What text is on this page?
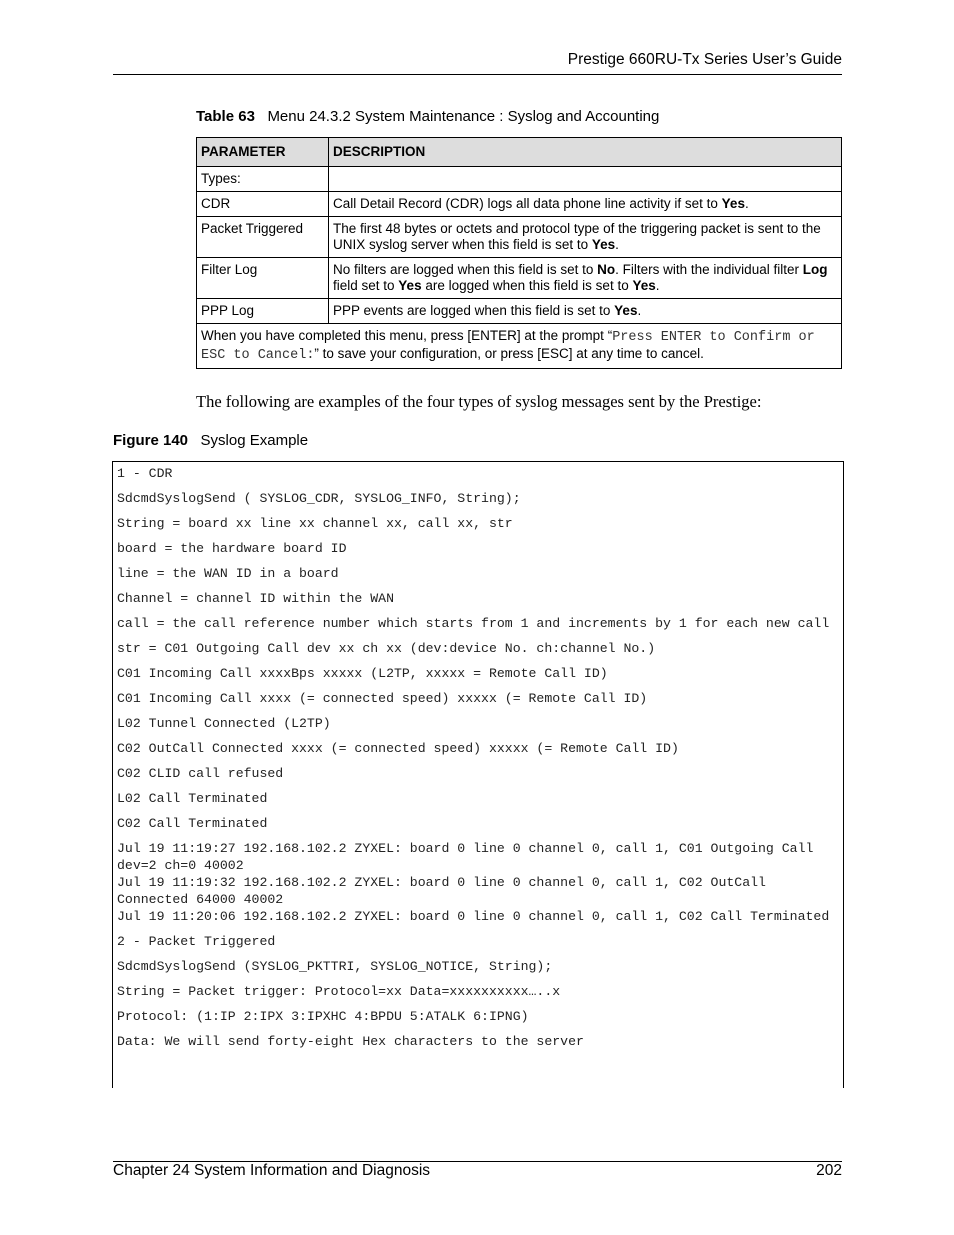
Prestige 660RU-Tx Series User’s Guide
Table 63 Menu 24.3.2 System Maintenance : Syslog and Accounting
PARAMETER	DESCRIPTION
Types:	
CDR	Call Detail Record (CDR) logs all data phone line activity if set to Yes.
Packet Triggered	The first 48 bytes or octets and protocol type of the triggering packet is sent to the UNIX syslog server when this field is set to Yes.
Filter Log	No filters are logged when this field is set to No. Filters with the individual filter Log field set to Yes are logged when this field is set to Yes.
PPP Log	PPP events are logged when this field is set to Yes.
When you have completed this menu, press [ENTER] at the prompt “Press ENTER to Confirm or ESC to Cancel:” to save your configuration, or press [ESC] at any time to cancel.	
The following are examples of the four types of syslog messages sent by the Prestige:
Figure 140 Syslog Example
1 - CDR
SdcmdSyslogSend ( SYSLOG_CDR, SYSLOG_INFO, String);
String = board xx line xx channel xx, call xx, str
board = the hardware board ID
line = the WAN ID in a board
Channel = channel ID within the WAN
call = the call reference number which starts from 1 and increments by 1 for each new call
str = C01 Outgoing Call dev xx ch xx (dev:device No. ch:channel No.)
C01 Incoming Call xxxxBps xxxxx (L2TP, xxxxx = Remote Call ID)
C01 Incoming Call xxxx (= connected speed) xxxxx (= Remote Call ID)
L02 Tunnel Connected (L2TP)
C02 OutCall Connected xxxx (= connected speed) xxxxx (= Remote Call ID)
C02 CLID call refused
L02 Call Terminated
C02 Call Terminated
Jul 19 11:19:27 192.168.102.2 ZYXEL: board 0 line 0 channel 0, call 1, C01 Outgoing Call dev=2 ch=0 40002
Jul 19 11:19:32 192.168.102.2 ZYXEL: board 0 line 0 channel 0, call 1, C02 OutCall Connected 64000 40002
Jul 19 11:20:06 192.168.102.2 ZYXEL: board 0 line 0 channel 0, call 1, C02 Call Terminated
2 - Packet Triggered
SdcmdSyslogSend (SYSLOG_PKTTRI, SYSLOG_NOTICE, String);
String = Packet trigger: Protocol=xx Data=xxxxxxxxxx…..x
Protocol: (1:IP 2:IPX 3:IPXHC 4:BPDU 5:ATALK 6:IPNG)
Data: We will send forty-eight Hex characters to the server
Chapter 24 System Information and Diagnosis	202
